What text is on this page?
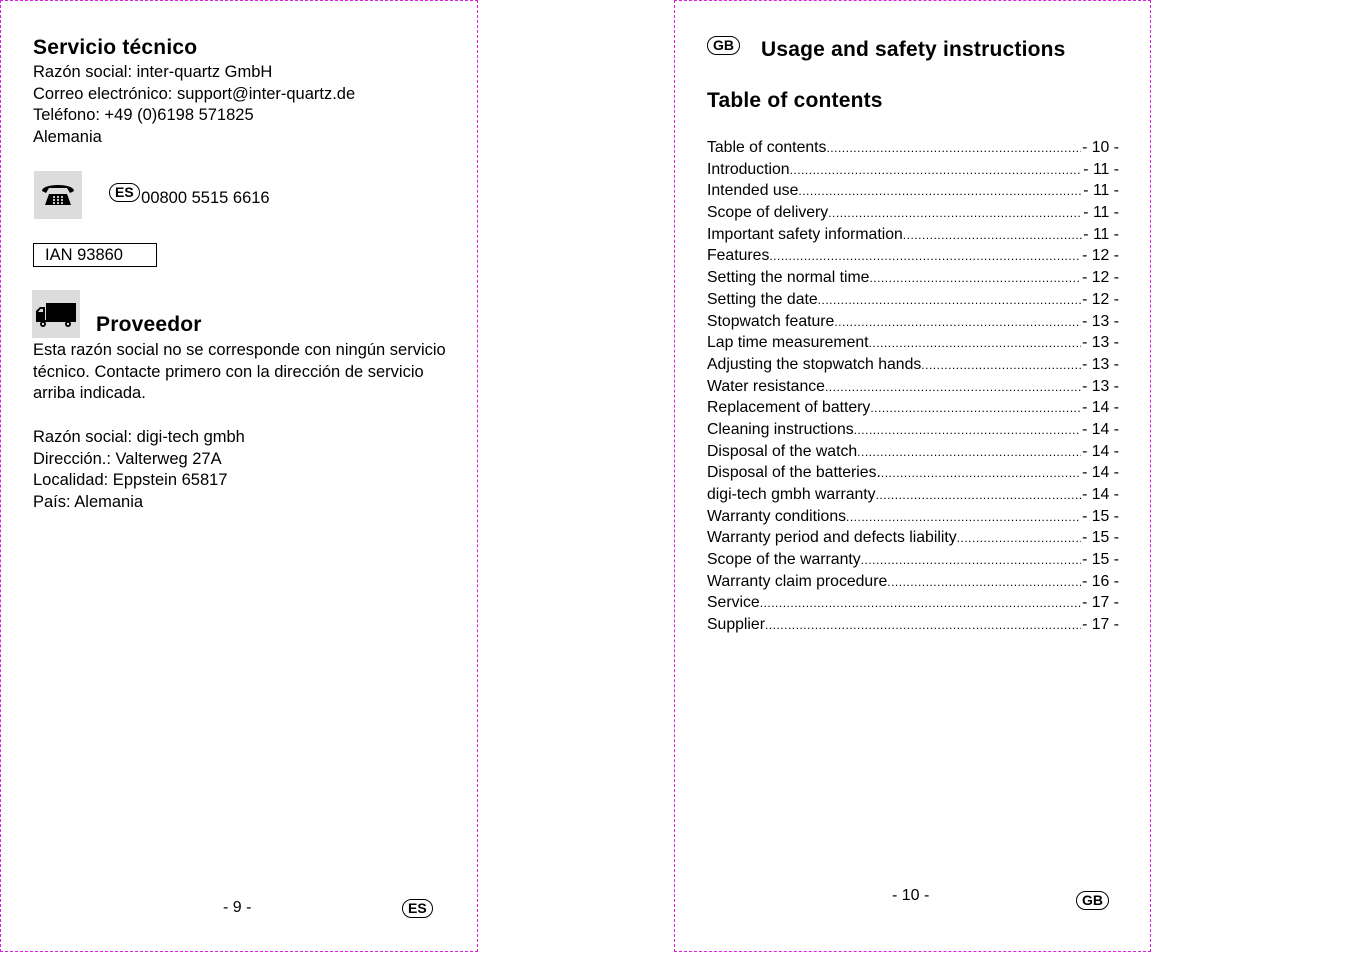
Servicio técnico
Razón social: inter-quartz GmbH
Correo electrónico: support@inter-quartz.de
Teléfono: +49 (0)6198 571825
Alemania
ES 00800 5515 6616
IAN 93860
Proveedor
Esta razón social no se corresponde con ningún servicio
técnico. Contacte primero con la dirección de servicio
arriba indicada.
Razón social: digi-tech gmbh
Dirección.: Valterweg 27A
Localidad: Eppstein 65817
País: Alemania
- 9 -	ES
GB Usage and safety instructions
Table of contents
Table of contents .....	- 10 -
Introduction .....	- 11 -
Intended use .....	- 11 -
Scope of delivery .....	- 11 -
Important safety information .....	- 11 -
Features .....	- 12 -
Setting the normal time .....	- 12 -
Setting the date .....	- 12 -
Stopwatch feature .....	- 13 -
Lap time measurement .....	- 13 -
Adjusting the stopwatch hands .....	- 13 -
Water resistance .....	- 13 -
Replacement of battery .....	- 14 -
Cleaning instructions .....	- 14 -
Disposal of the watch .....	- 14 -
Disposal of the batteries. .....	- 14 -
digi-tech gmbh warranty .....	- 14 -
Warranty conditions .....	- 15 -
Warranty period and defects liability .....	- 15 -
Scope of the warranty .....	- 15 -
Warranty claim procedure .....	- 16 -
Service .....	- 17 -
Supplier .....	- 17 -
- 10 -	GB
